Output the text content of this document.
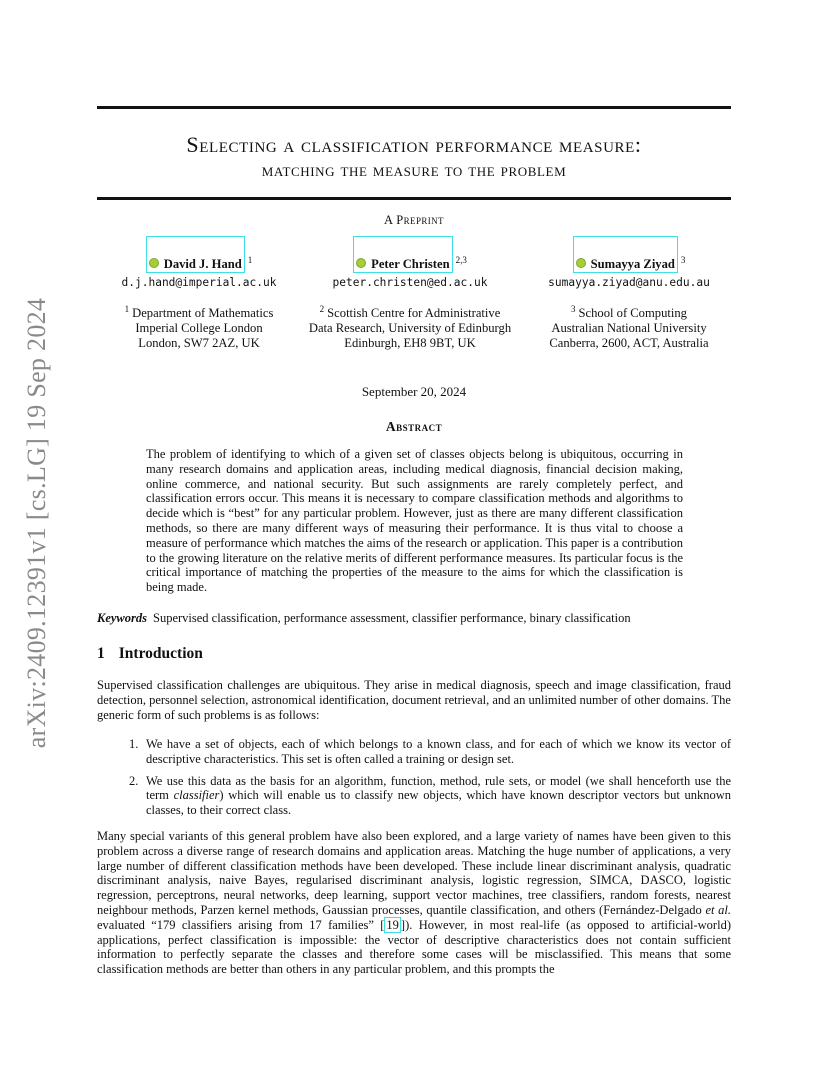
arXiv:2409.12391v1 [cs.LG] 19 Sep 2024
Selecting a classification performance measure:
matching the measure to the problem
A Preprint
David J. Hand $^1$
d.j.hand@imperial.ac.uk
$^1$ Department of Mathematics
Imperial College London
London, SW7 2AZ, UK
Peter Christen $^{2,3}$
peter.christen@ed.ac.uk
$^2$ Scottish Centre for Administrative
Data Research, University of Edinburgh
Edinburgh, EH8 9BT, UK
Sumayya Ziyad $^3$
sumayya.ziyad@anu.edu.au
$^3$ School of Computing
Australian National University
Canberra, 2600, ACT, Australia
September 20, 2024
Abstract
The problem of identifying to which of a given set of classes objects belong is ubiquitous, occurring in many research domains and application areas, including medical diagnosis, financial decision making, online commerce, and national security. But such assignments are rarely completely perfect, and classification errors occur. This means it is necessary to compare classification methods and algorithms to decide which is “best” for any particular problem. However, just as there are many different classification methods, so there are many different ways of measuring their performance. It is thus vital to choose a measure of performance which matches the aims of the research or application. This paper is a contribution to the growing literature on the relative merits of different performance measures. Its particular focus is the critical importance of matching the properties of the measure to the aims for which the classification is being made.
Keywords Supervised classification, performance assessment, classifier performance, binary classification
1 Introduction
Supervised classification challenges are ubiquitous. They arise in medical diagnosis, speech and image classification, fraud detection, personnel selection, astronomical identification, document retrieval, and an unlimited number of other domains. The generic form of such problems is as follows:
1. We have a set of objects, each of which belongs to a known class, and for each of which we know its vector of descriptive characteristics. This set is often called a training or design set.
2. We use this data as the basis for an algorithm, function, method, rule sets, or model (we shall henceforth use the term classifier) which will enable us to classify new objects, which have known descriptor vectors but unknown classes, to their correct class.
Many special variants of this general problem have also been explored, and a large variety of names have been given to this problem across a diverse range of research domains and application areas. Matching the huge number of applications, a very large number of different classification methods have been developed. These include linear discriminant analysis, quadratic discriminant analysis, naive Bayes, regularised discriminant analysis, logistic regression, SIMCA, DASCO, logistic regression, perceptrons, neural networks, deep learning, support vector machines, tree classifiers, random forests, nearest neighbour methods, Parzen kernel methods, Gaussian processes, quantile classification, and others (Fernández-Delgado et al. evaluated “179 classifiers arising from 17 families” [ 19 ]). However, in most real-life (as opposed to artificial-world) applications, perfect classification is impossible: the vector of descriptive characteristics does not contain sufficient information to perfectly separate the classes and therefore some cases will be misclassified. This means that some classification methods are better than others in any particular problem, and this prompts the
